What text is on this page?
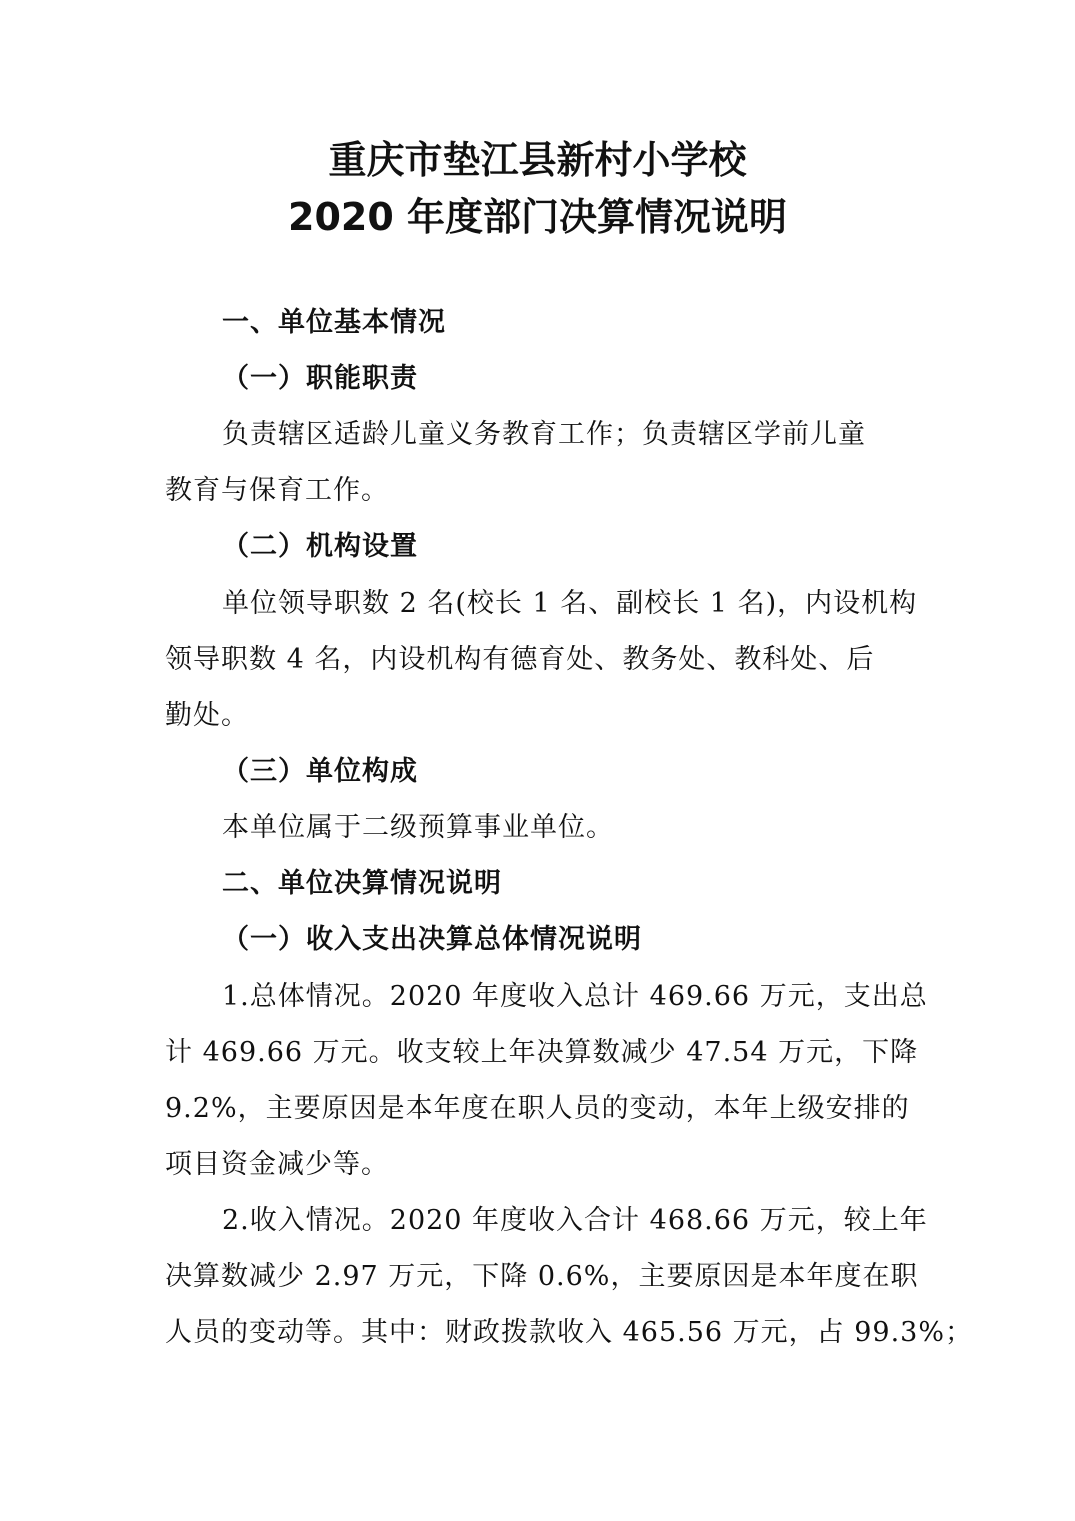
重庆市垫江县新村小学校
2020 年度部门决算情况说明
一、单位基本情况
（一）职能职责
负责辖区适龄儿童义务教育工作；负责辖区学前儿童
教育与保育工作。
（二）机构设置
单位领导职数 2 名(校长 1 名、副校长 1 名)，内设机构
领导职数 4 名，内设机构有德育处、教务处、教科处、后
勤处。
（三）单位构成
本单位属于二级预算事业单位。
二、单位决算情况说明
（一）收入支出决算总体情况说明
1.总体情况。2020 年度收入总计 469.66 万元，支出总
计 469.66 万元。收支较上年决算数减少 47.54 万元，下降
9.2%，主要原因是本年度在职人员的变动，本年上级安排的
项目资金减少等。
2.收入情况。2020 年度收入合计 468.66 万元，较上年
决算数减少 2.97 万元，下降 0.6%，主要原因是本年度在职
人员的变动等。其中：财政拨款收入 465.56 万元，占 99.3%；
